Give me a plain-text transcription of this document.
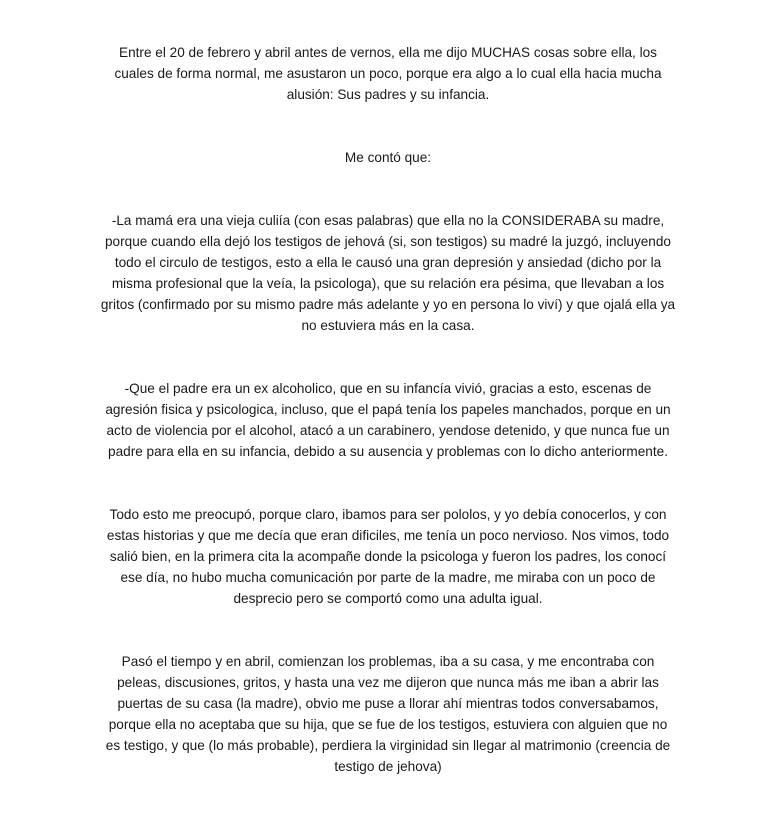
Entre el 20 de febrero y abril antes de vernos, ella me dijo MUCHAS cosas sobre ella, los cuales de forma normal, me asustaron un poco, porque era algo a lo cual ella hacia mucha alusión: Sus padres y su infancia.

Me contó que:

-La mamá era una vieja culiía (con esas palabras) que ella no la CONSIDERABA su madre, porque cuando ella dejó los testigos de jehová (si, son testigos) su madré la juzgó, incluyendo todo el circulo de testigos, esto a ella le causó una gran depresión y ansiedad (dicho por la misma profesional que la veía, la psicologa), que su relación era pésima, que llevaban a los gritos (confirmado por su mismo padre más adelante y yo en persona lo viví) y que ojalá ella ya no estuviera más en la casa.

-Que el padre era un ex alcoholico, que en su infancía vivió, gracias a esto, escenas de agresión fisica y psicologica, incluso, que el papá tenía los papeles manchados, porque en un acto de violencia por el alcohol, atacó a un carabinero, yendose detenido, y que nunca fue un padre para ella en su infancia, debido a su ausencia y problemas con lo dicho anteriormente.

Todo esto me preocupó, porque claro, ibamos para ser pololos, y yo debía conocerlos, y con estas historias y que me decía que eran dificiles, me tenía un poco nervioso. Nos vimos, todo salió bien, en la primera cita la acompañe donde la psicologa y fueron los padres, los conocí ese día, no hubo mucha comunicación por parte de la madre, me miraba con un poco de desprecio pero se comportó como una adulta igual.

Pasó el tiempo y en abril, comienzan los problemas, iba a su casa, y me encontraba con peleas, discusiones, gritos, y hasta una vez me dijeron que nunca más me iban a abrir las puertas de su casa (la madre), obvio me puse a llorar ahí mientras todos conversabamos, porque ella no aceptaba que su hija, que se fue de los testigos, estuviera con alguien que no es testigo, y que (lo más probable), perdiera la virginidad sin llegar al matrimonio (creencia de testigo de jehova)
